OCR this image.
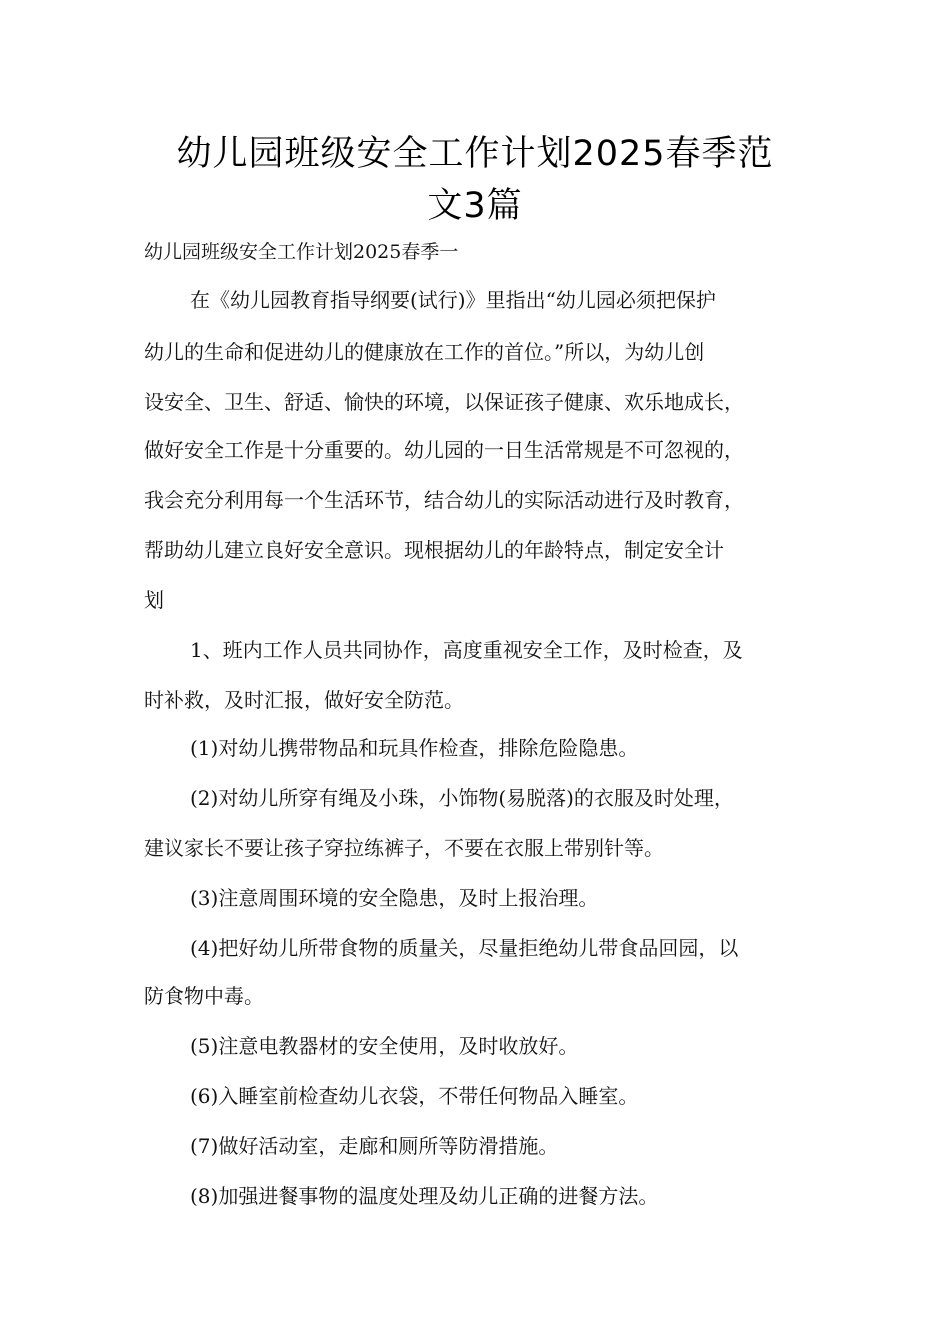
幼儿园班级安全工作计划2025春季范
文3篇
幼儿园班级安全工作计划2025春季一
在《幼儿园教育指导纲要(试行)》里指出“幼儿园必须把保护
幼儿的生命和促进幼儿的健康放在工作的首位。”所以，为幼儿创
设安全、卫生、舒适、愉快的环境，以保证孩子健康、欢乐地成长，
做好安全工作是十分重要的。幼儿园的一日生活常规是不可忽视的，
我会充分利用每一个生活环节，结合幼儿的实际活动进行及时教育，
帮助幼儿建立良好安全意识。现根据幼儿的年龄特点，制定安全计
划
1、班内工作人员共同协作，高度重视安全工作，及时检查，及
时补救，及时汇报，做好安全防范。
(1)对幼儿携带物品和玩具作检查，排除危险隐患。
(2)对幼儿所穿有绳及小珠，小饰物(易脱落)的衣服及时处理，
建议家长不要让孩子穿拉练裤子，不要在衣服上带别针等。
(3)注意周围环境的安全隐患，及时上报治理。
(4)把好幼儿所带食物的质量关，尽量拒绝幼儿带食品回园，以
防食物中毒。
(5)注意电教器材的安全使用，及时收放好。
(6)入睡室前检查幼儿衣袋，不带任何物品入睡室。
(7)做好活动室，走廊和厕所等防滑措施。
(8)加强进餐事物的温度处理及幼儿正确的进餐方法。
